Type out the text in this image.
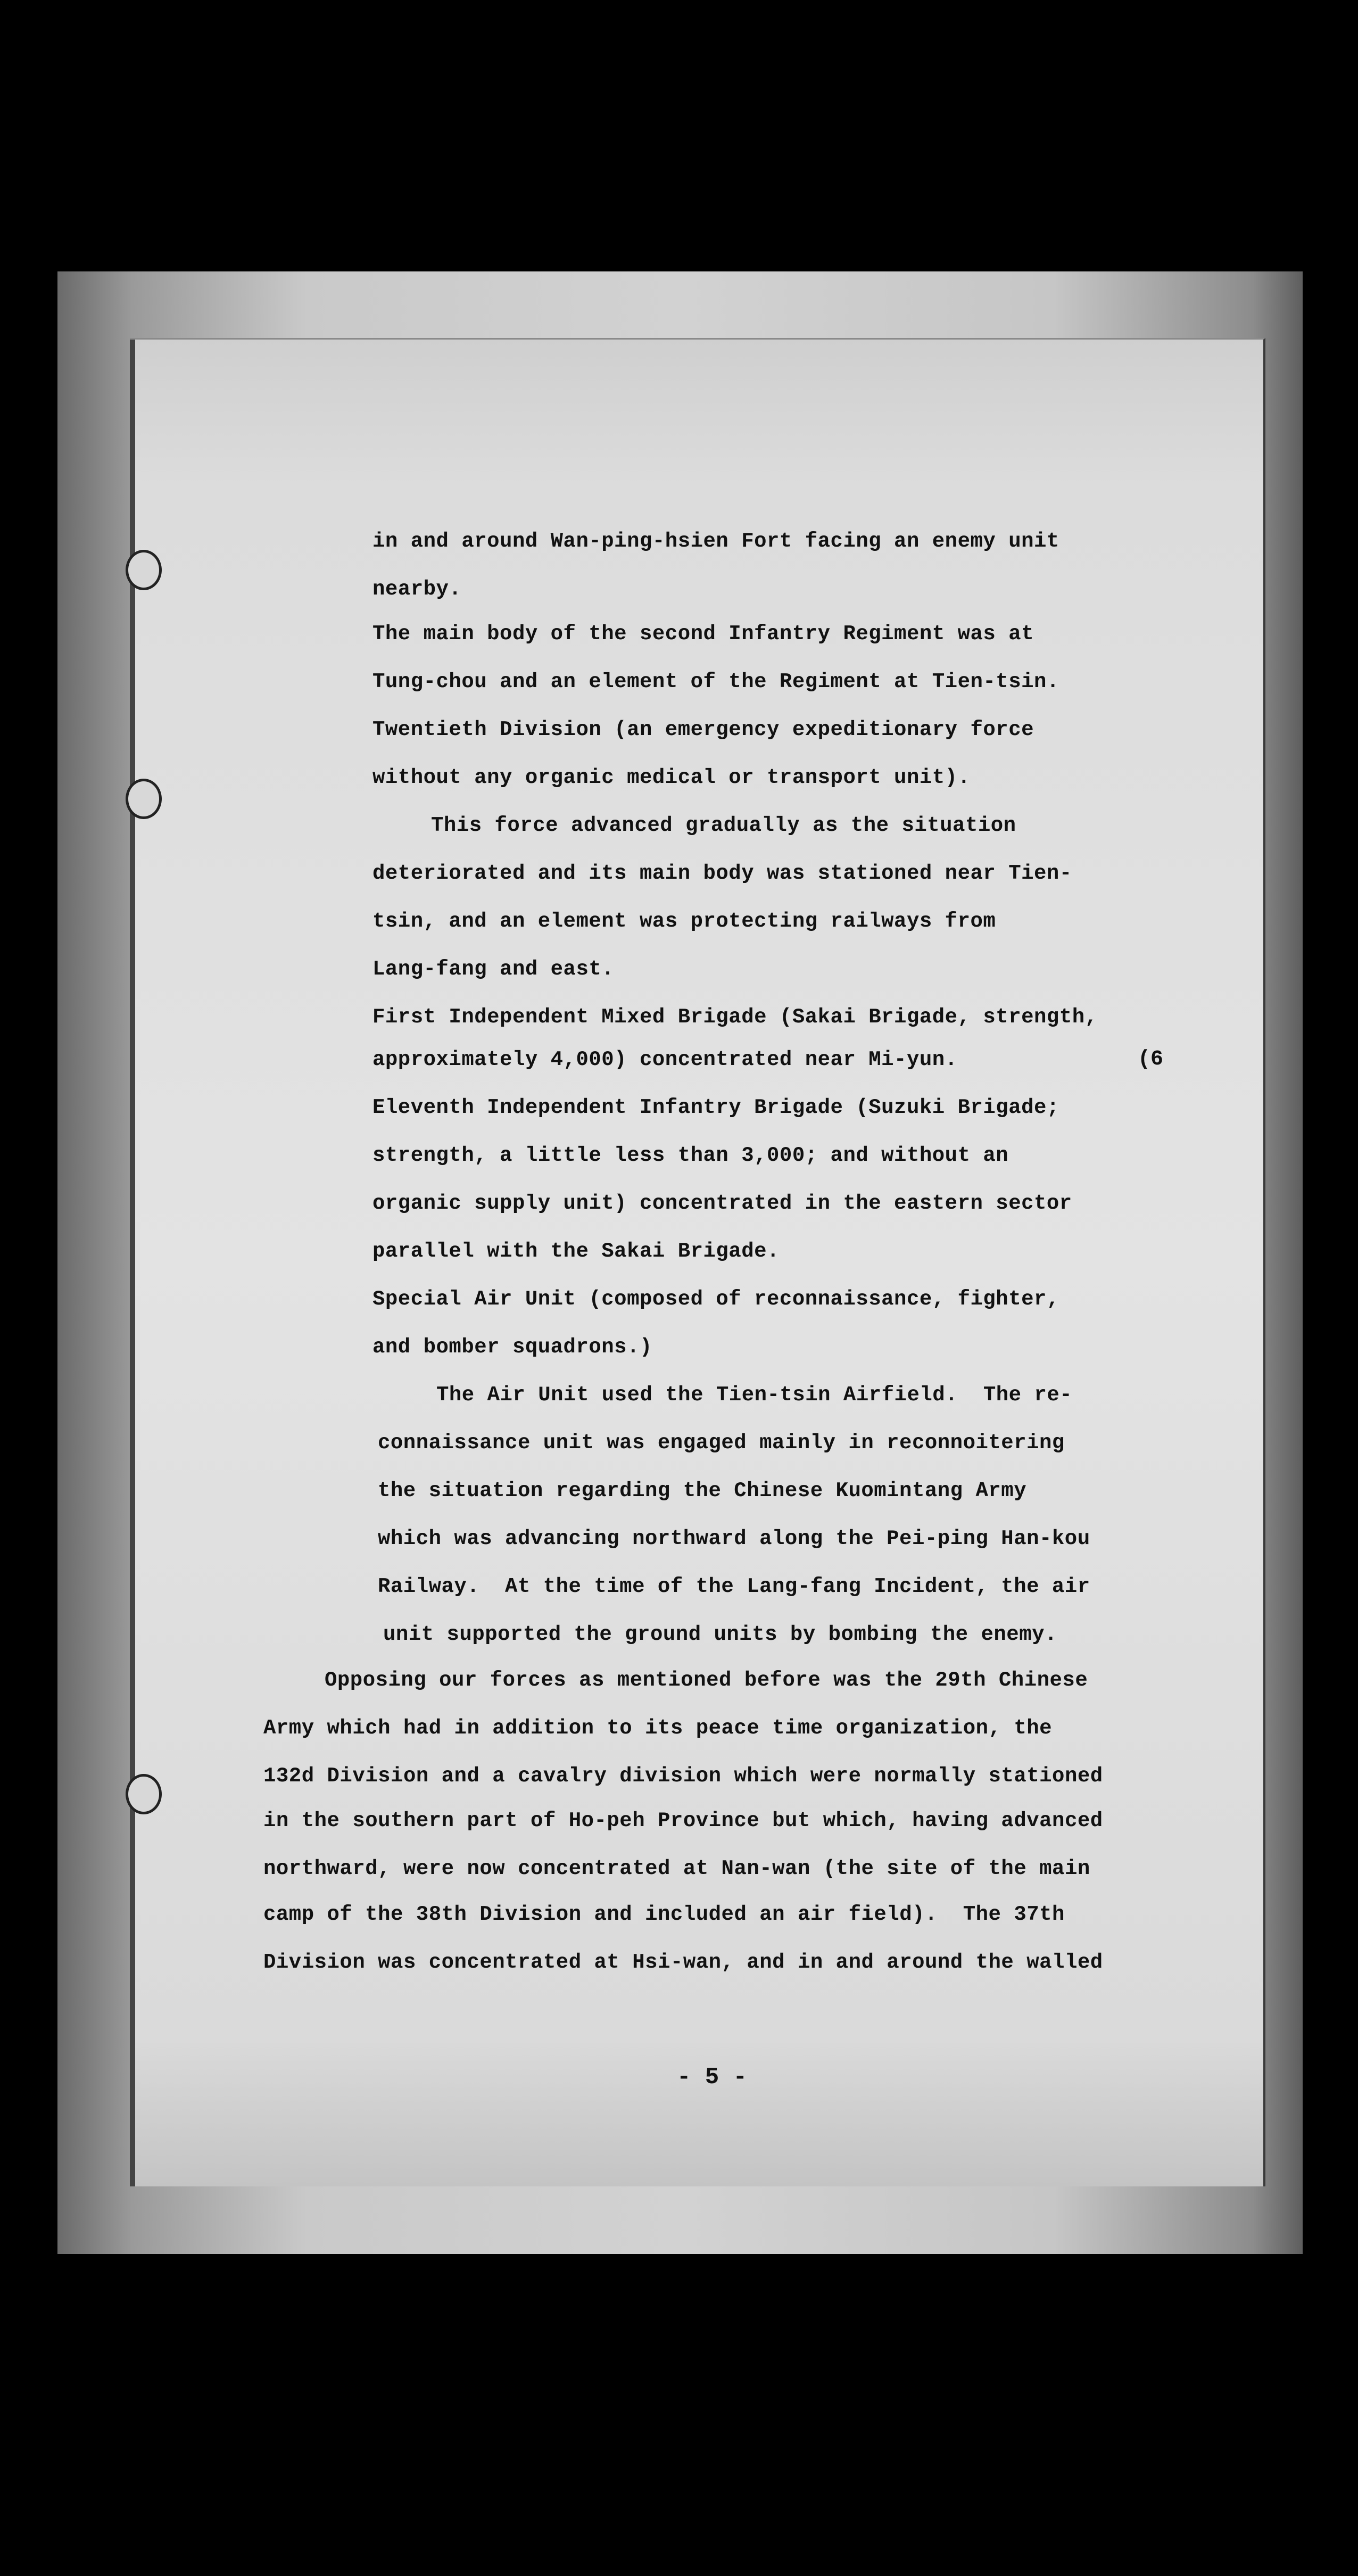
in and around Wan-ping-hsien Fort facing an enemy unit
nearby.
The main body of the second Infantry Regiment was at
Tung-chou and an element of the Regiment at Tien-tsin.
Twentieth Division (an emergency expeditionary force
without any organic medical or transport unit).
This force advanced gradually as the situation
deteriorated and its main body was stationed near Tien-
tsin, and an element was protecting railways from
Lang-fang and east.
First Independent Mixed Brigade (Sakai Brigade, strength,
approximately 4,000) concentrated near Mi-yun.
Eleventh Independent Infantry Brigade (Suzuki Brigade;
strength, a little less than 3,000; and without an
organic supply unit) concentrated in the eastern sector
parallel with the Sakai Brigade.
Special Air Unit (composed of reconnaissance, fighter,
and bomber squadrons.)
The Air Unit used the Tien-tsin Airfield.  The re-
connaissance unit was engaged mainly in reconnoitering
the situation regarding the Chinese Kuomintang Army
which was advancing northward along the Pei-ping Han-kou
Railway.  At the time of the Lang-fang Incident, the air
unit supported the ground units by bombing the enemy.
Opposing our forces as mentioned before was the 29th Chinese
Army which had in addition to its peace time organization, the
132d Division and a cavalry division which were normally stationed
in the southern part of Ho-peh Province but which, having advanced
northward, were now concentrated at Nan-wan (the site of the main
camp of the 38th Division and included an air field).  The 37th
Division was concentrated at Hsi-wan, and in and around the walled
(6
- 5 -
